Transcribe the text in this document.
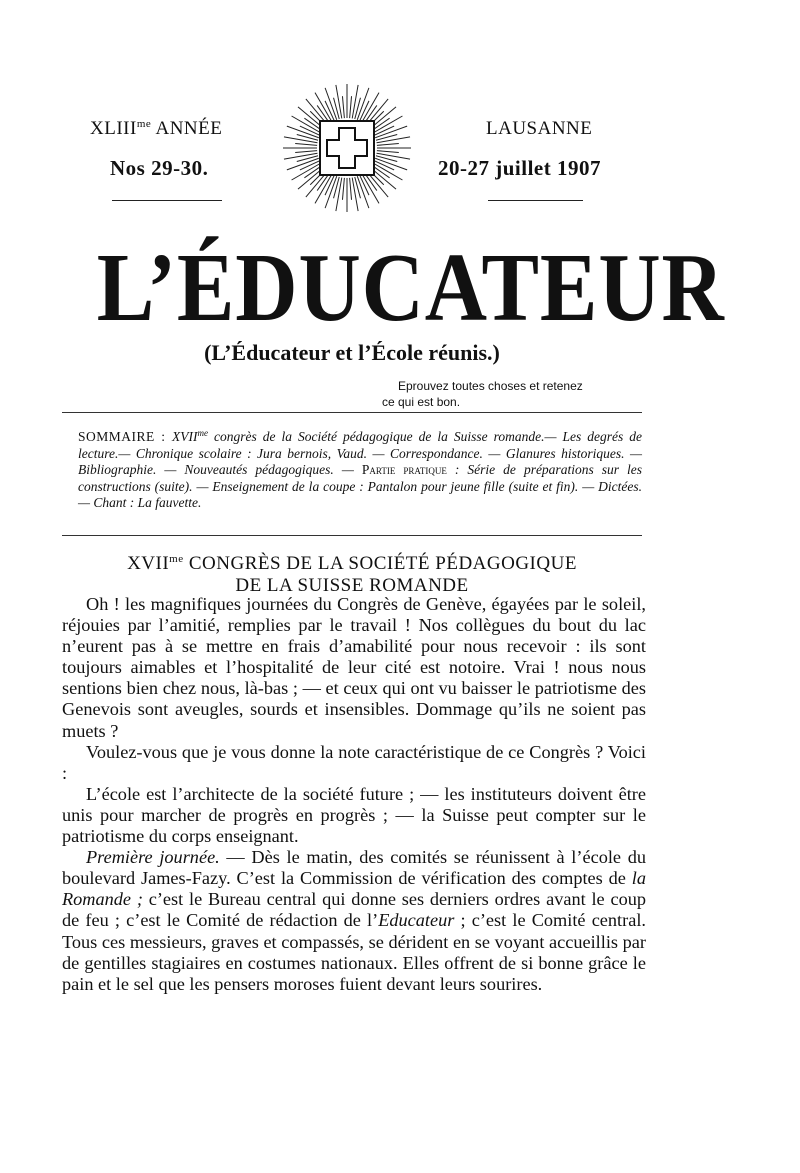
$XLIII^{me}$ ANNÉE
Nos 29-30.
LAUSANNE
20-27 juillet 1907
L’ÉDUCATEUR
(L’Éducateur et l’École réunis.)
Eprouvez toutes choses et retenez
ce qui est bon.
SOMMAIRE : $XVII^{me}$ congrès de la Société pédagogique de la Suisse romande.— Les degrés de lecture.— Chronique scolaire : Jura bernois, Vaud. — Correspondance. — Glanures historiques. — Bibliographie. — Nouveautés pédagogiques. — Partie pratique : Série de préparations sur les constructions (suite). — Enseignement de la coupe : Pantalon pour jeune fille (suite et fin). — Dictées. — Chant : La fauvette.
$XVII^{me}$ CONGRÈS DE LA SOCIÉTÉ PÉDAGOGIQUE
DE LA SUISSE ROMANDE

Oh ! les magnifiques journées du Congrès de Genève, égayées par le soleil, réjouies par l’amitié, remplies par le travail ! Nos collègues du bout du lac n’eurent pas à se mettre en frais d’amabilité pour nous recevoir : ils sont toujours aimables et l’hospitalité de leur cité est notoire. Vrai ! nous nous sentions bien chez nous, là-bas ; — et ceux qui ont vu baisser le patriotisme des Genevois sont aveugles, sourds et insensibles. Dommage qu’ils ne soient pas muets ?

Voulez-vous que je vous donne la note caractéristique de ce Congrès ? Voici :

L’école est l’architecte de la société future ; — les instituteurs doivent être unis pour marcher de progrès en progrès ; — la Suisse peut compter sur le patriotisme du corps enseignant.

Première journée. — Dès le matin, des comités se réunissent à l’école du boulevard James-Fazy. C’est la Commission de vérification des comptes de la Romande ; c’est le Bureau central qui donne ses derniers ordres avant le coup de feu ; c’est le Comité de rédaction de l’Educateur ; c’est le Comité central. Tous ces messieurs, graves et compassés, se dérident en se voyant accueillis par de gentilles stagiaires en costumes nationaux. Elles offrent de si bonne grâce le pain et le sel que les pensers moroses fuient devant leurs sourires.
